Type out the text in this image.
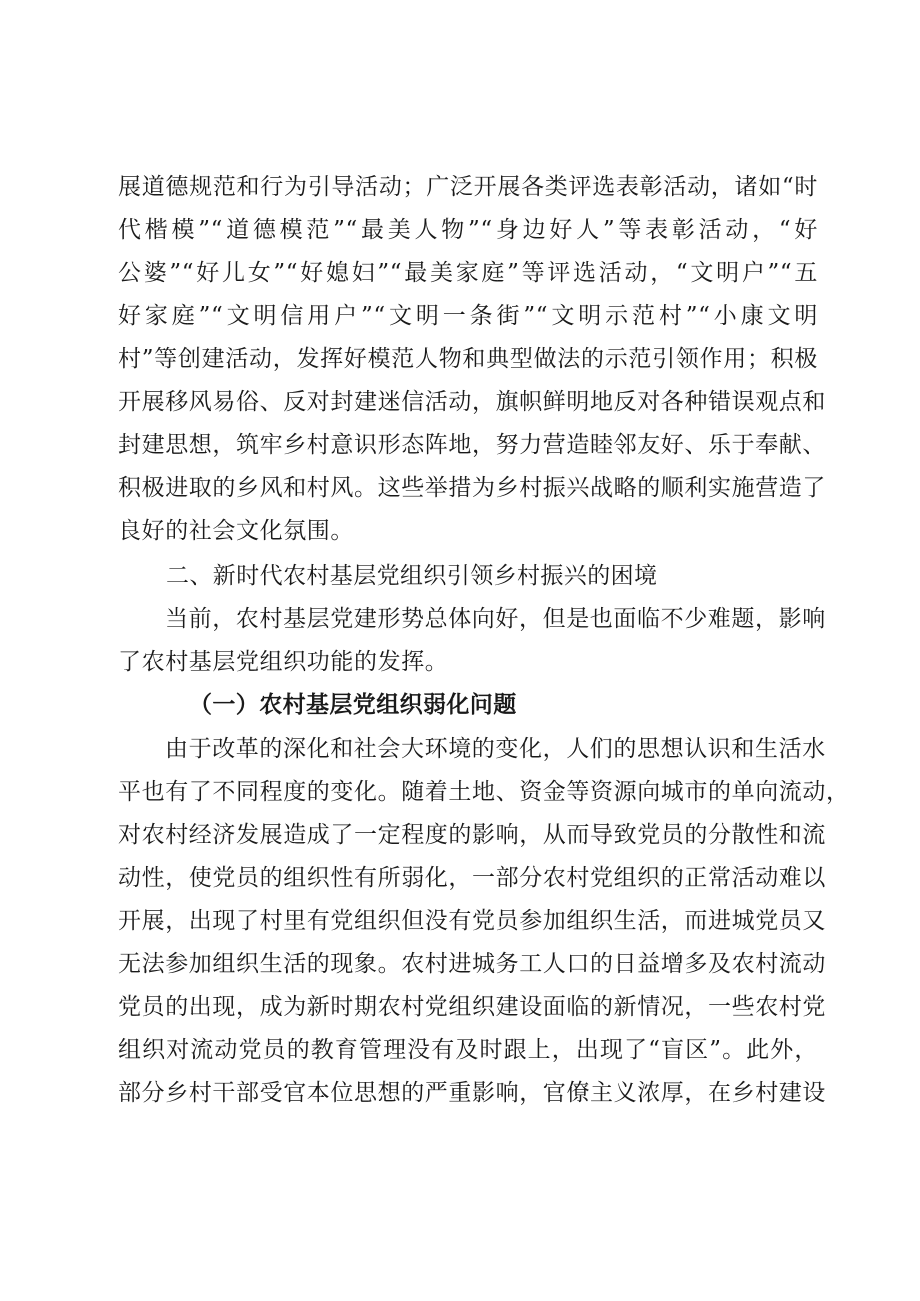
展道德规范和行为引导活动；广泛开展各类评选表彰活动，诸如“时
代楷模”“道德模范”“最美人物”“身边好人”等表彰活动，“好
公婆”“好儿女”“好媳妇”“最美家庭”等评选活动，“文明户”“五
好家庭”“文明信用户”“文明一条街”“文明示范村”“小康文明
村”等创建活动，发挥好模范人物和典型做法的示范引领作用；积极
开展移风易俗、反对封建迷信活动，旗帜鲜明地反对各种错误观点和
封建思想，筑牢乡村意识形态阵地，努力营造睦邻友好、乐于奉献、
积极进取的乡风和村风。这些举措为乡村振兴战略的顺利实施营造了
良好的社会文化氛围。
二、新时代农村基层党组织引领乡村振兴的困境
当前，农村基层党建形势总体向好，但是也面临不少难题，影响
了农村基层党组织功能的发挥。
（一）农村基层党组织弱化问题
由于改革的深化和社会大环境的变化，人们的思想认识和生活水
平也有了不同程度的变化。随着土地、资金等资源向城市的单向流动，
对农村经济发展造成了一定程度的影响，从而导致党员的分散性和流
动性，使党员的组织性有所弱化，一部分农村党组织的正常活动难以
开展，出现了村里有党组织但没有党员参加组织生活，而进城党员又
无法参加组织生活的现象。农村进城务工人口的日益增多及农村流动
党员的出现，成为新时期农村党组织建设面临的新情况，一些农村党
组织对流动党员的教育管理没有及时跟上，出现了“盲区”。此外，
部分乡村干部受官本位思想的严重影响，官僚主义浓厚，在乡村建设
